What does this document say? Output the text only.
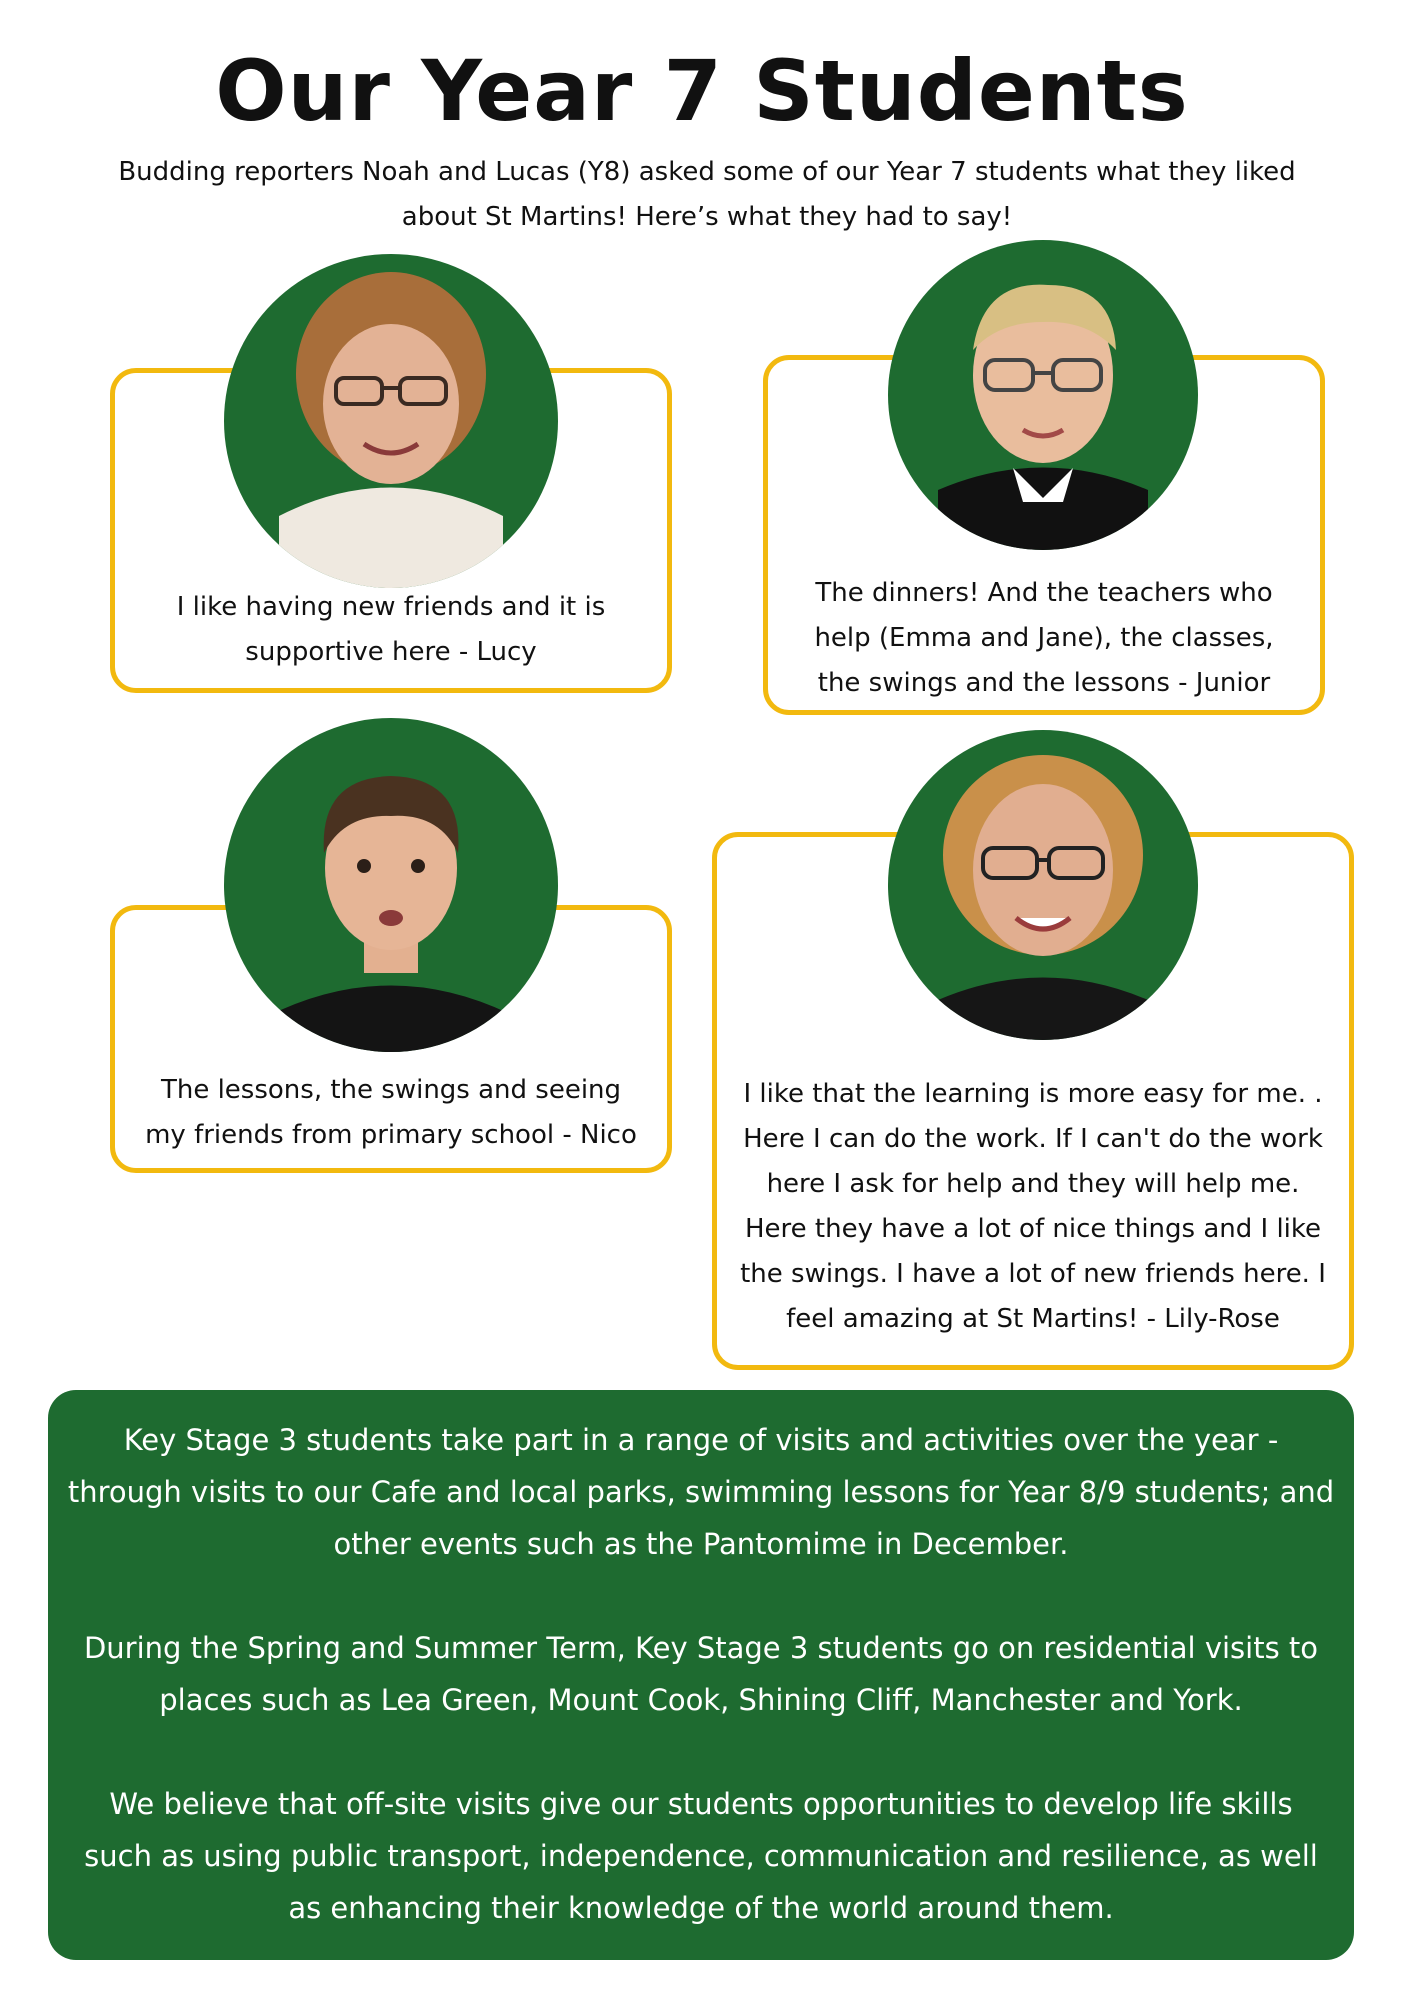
Our Year 7 Students
Budding reporters Noah and Lucas (Y8) asked some of our Year 7 students what they liked about St Martins! Here’s what they had to say!
I like having new friends and it is supportive here - Lucy
The dinners! And the teachers who help (Emma and Jane), the classes, the swings and the lessons - Junior
The lessons, the swings and seeing my friends from primary school - Nico
I like that the learning is more easy for me. . Here I can do the work. If I can't do the work here I ask for help and they will help me. Here they have a lot of nice things and I like the swings. I have a lot of new friends here. I feel amazing at St Martins! - Lily-Rose

Key Stage 3 students take part in a range of visits and activities over the year - through visits to our Cafe and local parks, swimming lessons for Year 8/9 students; and other events such as the Pantomime in December.

During the Spring and Summer Term, Key Stage 3 students go on residential visits to places such as Lea Green, Mount Cook, Shining Cliff, Manchester and York.

We believe that off-site visits give our students opportunities to develop life skills such as using public transport, independence, communication and resilience, as well as enhancing their knowledge of the world around them.
